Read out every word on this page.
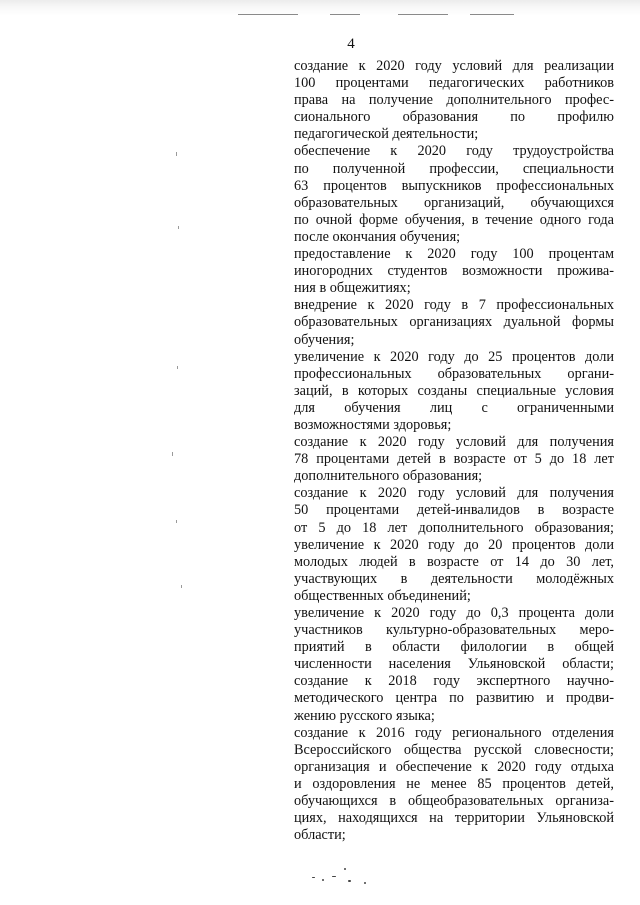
4
создание к 2020 году условий для реализации
100 процентами педагогических работников
права на получение дополнительного профес-
сионального образования по профилю
педагогической деятельности;
обеспечение к 2020 году трудоустройства
по полученной профессии, специальности
63 процентов выпускников профессиональных
образовательных организаций, обучающихся
по очной форме обучения, в течение одного года
после окончания обучения;
предоставление к 2020 году 100 процентам
иногородних студентов возможности прожива-
ния в общежитиях;
внедрение к 2020 году в 7 профессиональных
образовательных организациях дуальной формы
обучения;
увеличение к 2020 году до 25 процентов доли
профессиональных образовательных органи-
заций, в которых созданы специальные условия
для обучения лиц с ограниченными
возможностями здоровья;
создание к 2020 году условий для получения
78 процентами детей в возрасте от 5 до 18 лет
дополнительного образования;
создание к 2020 году условий для получения
50 процентами детей-инвалидов в возрасте
от 5 до 18 лет дополнительного образования;
увеличение к 2020 году до 20 процентов доли
молодых людей в возрасте от 14 до 30 лет,
участвующих в деятельности молодёжных
общественных объединений;
увеличение к 2020 году до 0,3 процента доли
участников культурно-образовательных меро-
приятий в области филологии в общей
численности населения Ульяновской области;
создание к 2018 году экспертного научно-
методического центра по развитию и продви-
жению русского языка;
создание к 2016 году регионального отделения
Всероссийского общества русской словесности;
организация и обеспечение к 2020 году отдыха
и оздоровления не менее 85 процентов детей,
обучающихся в общеобразовательных организа-
циях, находящихся на территории Ульяновской
области;
